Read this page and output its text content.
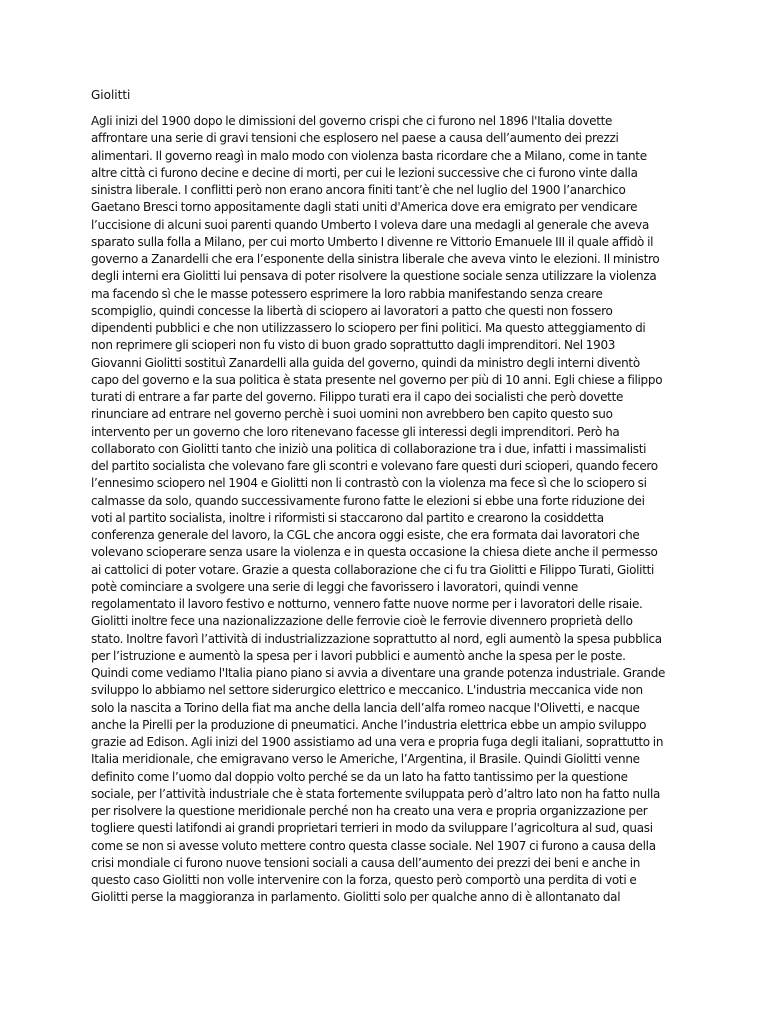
Giolitti
Agli inizi del 1900 dopo le dimissioni del governo crispi che ci furono nel 1896 l'Italia dovette
affrontare una serie di gravi tensioni che esplosero nel paese a causa dell’aumento dei prezzi
alimentari. Il governo reagì in malo modo con violenza basta ricordare che a Milano, come in tante
altre città ci furono decine e decine di morti, per cui le lezioni successive che ci furono vinte dalla
sinistra liberale. I conflitti però non erano ancora finiti tant’è che nel luglio del 1900 l’anarchico
Gaetano Bresci torno appositamente dagli stati uniti d'America dove era emigrato per vendicare
l’uccisione di alcuni suoi parenti quando Umberto I voleva dare una medagli al generale che aveva
sparato sulla folla a Milano, per cui morto Umberto I divenne re Vittorio Emanuele III il quale affidò il
governo a Zanardelli che era l’esponente della sinistra liberale che aveva vinto le elezioni. Il ministro
degli interni era Giolitti lui pensava di poter risolvere la questione sociale senza utilizzare la violenza
ma facendo sì che le masse potessero esprimere la loro rabbia manifestando senza creare
scompiglio, quindi concesse la libertà di sciopero ai lavoratori a patto che questi non fossero
dipendenti pubblici e che non utilizzassero lo sciopero per fini politici. Ma questo atteggiamento di
non reprimere gli scioperi non fu visto di buon grado soprattutto dagli imprenditori. Nel 1903
Giovanni Giolitti sostituì Zanardelli alla guida del governo, quindi da ministro degli interni diventò
capo del governo e la sua politica è stata presente nel governo per più di 10 anni. Egli chiese a filippo
turati di entrare a far parte del governo. Filippo turati era il capo dei socialisti che però dovette
rinunciare ad entrare nel governo perchè i suoi uomini non avrebbero ben capito questo suo
intervento per un governo che loro ritenevano facesse gli interessi degli imprenditori. Però ha
collaborato con Giolitti tanto che iniziò una politica di collaborazione tra i due, infatti i massimalisti
del partito socialista che volevano fare gli scontri e volevano fare questi duri scioperi, quando fecero
l’ennesimo sciopero nel 1904 e Giolitti non li contrastò con la violenza ma fece sì che lo sciopero si
calmasse da solo, quando successivamente furono fatte le elezioni si ebbe una forte riduzione dei
voti al partito socialista, inoltre i riformisti si staccarono dal partito e crearono la cosiddetta
conferenza generale del lavoro, la CGL che ancora oggi esiste, che era formata dai lavoratori che
volevano scioperare senza usare la violenza e in questa occasione la chiesa diete anche il permesso
ai cattolici di poter votare. Grazie a questa collaborazione che ci fu tra Giolitti e Filippo Turati, Giolitti
potè cominciare a svolgere una serie di leggi che favorissero i lavoratori, quindi venne
regolamentato il lavoro festivo e notturno, vennero fatte nuove norme per i lavoratori delle risaie.
Giolitti inoltre fece una nazionalizzazione delle ferrovie cioè le ferrovie divennero proprietà dello
stato. Inoltre favorì l’attività di industrializzazione soprattutto al nord, egli aumentò la spesa pubblica
per l’istruzione e aumentò la spesa per i lavori pubblici e aumentò anche la spesa per le poste.
Quindi come vediamo l'Italia piano piano si avvia a diventare una grande potenza industriale. Grande
sviluppo lo abbiamo nel settore siderurgico elettrico e meccanico. L'industria meccanica vide non
solo la nascita a Torino della fiat ma anche della lancia dell’alfa romeo nacque l'Olivetti, e nacque
anche la Pirelli per la produzione di pneumatici. Anche l’industria elettrica ebbe un ampio sviluppo
grazie ad Edison. Agli inizi del 1900 assistiamo ad una vera e propria fuga degli italiani, soprattutto in
Italia meridionale, che emigravano verso le Americhe, l’Argentina, il Brasile. Quindi Giolitti venne
definito come l’uomo dal doppio volto perché se da un lato ha fatto tantissimo per la questione
sociale, per l’attività industriale che è stata fortemente sviluppata però d’altro lato non ha fatto nulla
per risolvere la questione meridionale perché non ha creato una vera e propria organizzazione per
togliere questi latifondi ai grandi proprietari terrieri in modo da sviluppare l’agricoltura al sud, quasi
come se non si avesse voluto mettere contro questa classe sociale. Nel 1907 ci furono a causa della
crisi mondiale ci furono nuove tensioni sociali a causa dell’aumento dei prezzi dei beni e anche in
questo caso Giolitti non volle intervenire con la forza, questo però comportò una perdita di voti e
Giolitti perse la maggioranza in parlamento. Giolitti solo per qualche anno di è allontanato dal
